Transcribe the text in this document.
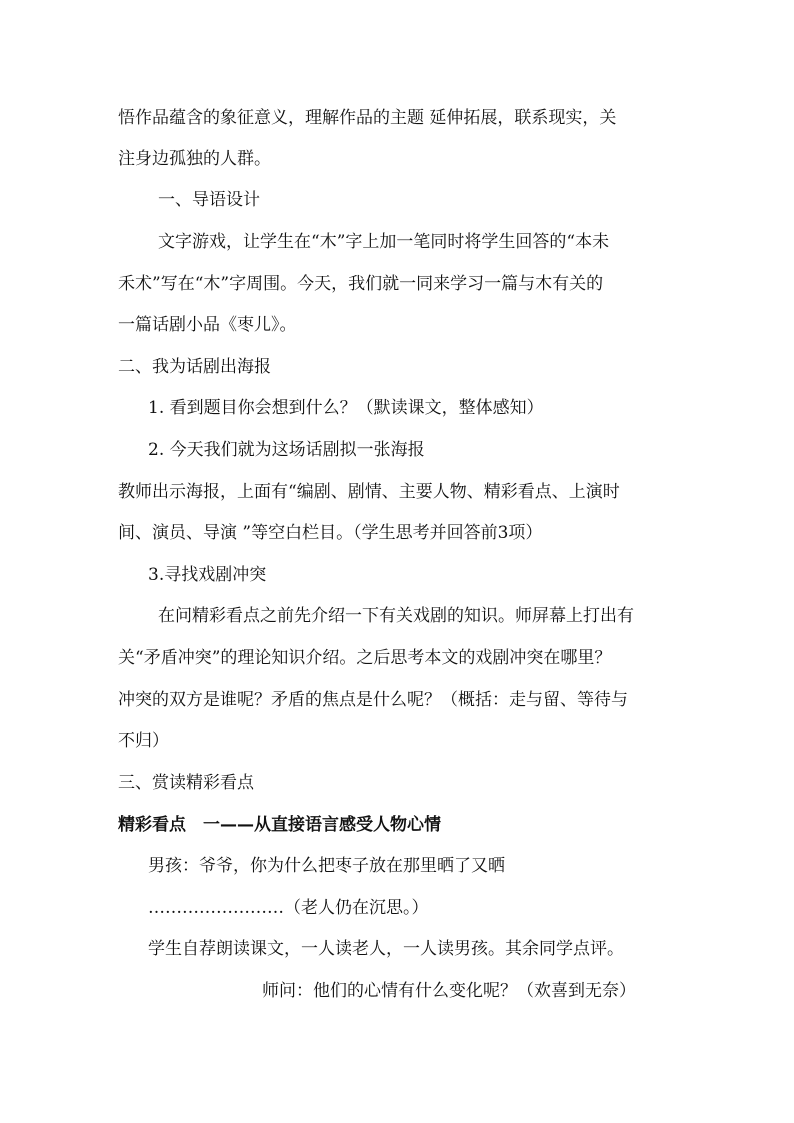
悟作品蕴含的象征意义，理解作品的主题 延伸拓展，联系现实，关
注身边孤独的人群。
一、导语设计
文字游戏，让学生在“木”字上加一笔同时将学生回答的“本未
禾术”写在“木”字周围。今天，我们就一同来学习一篇与木有关的
一篇话剧小品《枣儿》。
二、我为话剧出海报
1. 看到题目你会想到什么？（默读课文，整体感知）
2. 今天我们就为这场话剧拟一张海报
教师出示海报，上面有“编剧、剧情、主要人物、精彩看点、上演时
间、演员、导演 ”等空白栏目。（学生思考并回答前3项）
3.寻找戏剧冲突
在问精彩看点之前先介绍一下有关戏剧的知识。师屏幕上打出有
关“矛盾冲突”的理论知识介绍。之后思考本文的戏剧冲突在哪里？
冲突的双方是谁呢？矛盾的焦点是什么呢？（概括：走与留、等待与
不归）
三、赏读精彩看点
精彩看点　一——从直接语言感受人物心情
男孩：爷爷，你为什么把枣子放在那里晒了又晒
……………………（老人仍在沉思。）
学生自荐朗读课文，一人读老人，一人读男孩。其余同学点评。
师问：他们的心情有什么变化呢？（欢喜到无奈）
